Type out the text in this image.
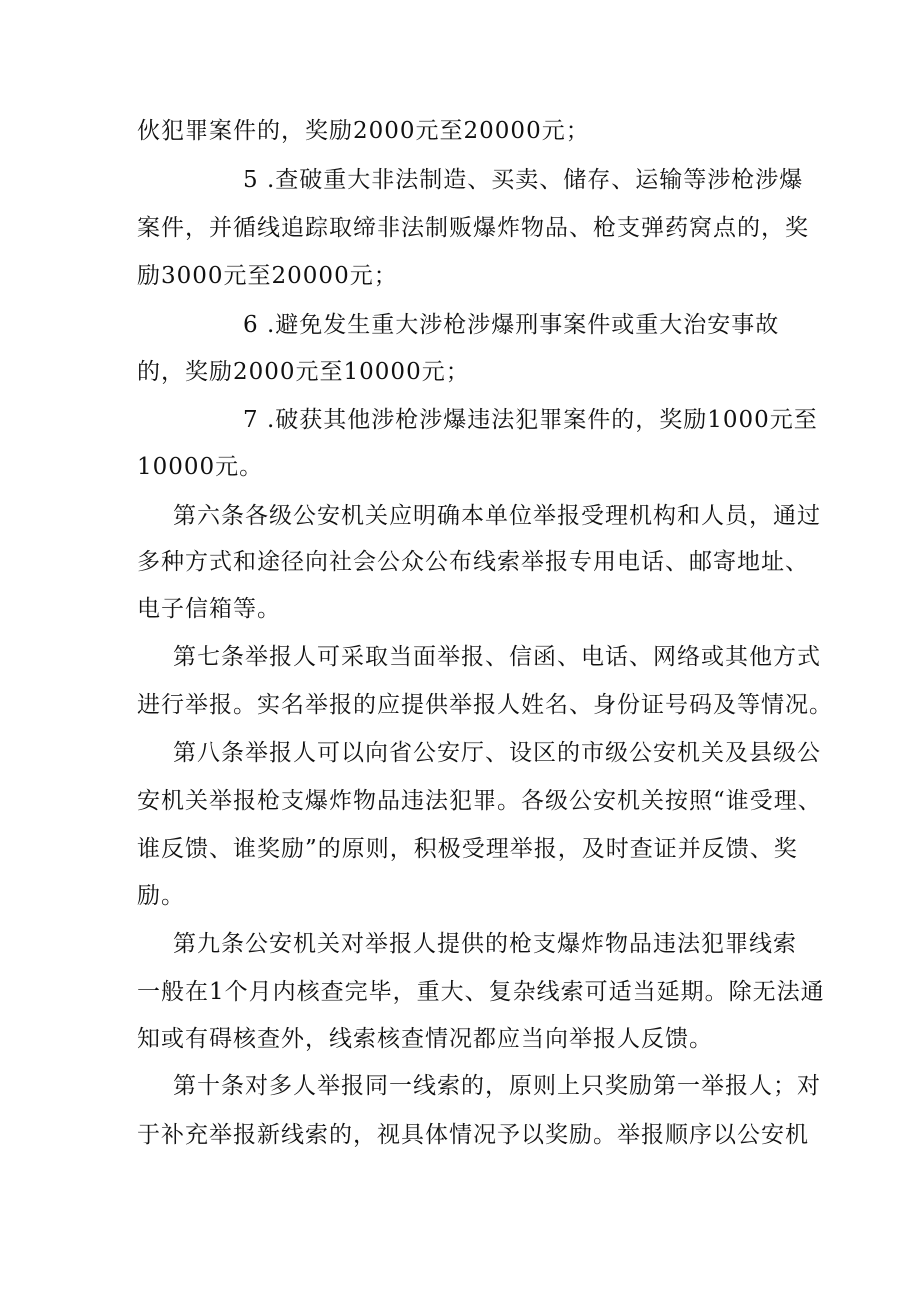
伙犯罪案件的，奖励2000元至20000元；
5 .查破重大非法制造、买卖、储存、运输等涉枪涉爆
案件，并循线追踪取缔非法制贩爆炸物品、枪支弹药窝点的，奖
励3000元至20000元；
6 .避免发生重大涉枪涉爆刑事案件或重大治安事故
的，奖励2000元至10000元；
7 .破获其他涉枪涉爆违法犯罪案件的，奖励1000元至
10000元。
第六条各级公安机关应明确本单位举报受理机构和人员，通过
多种方式和途径向社会公众公布线索举报专用电话、邮寄地址、
电子信箱等。
第七条举报人可采取当面举报、信函、电话、网络或其他方式
进行举报。实名举报的应提供举报人姓名、身份证号码及等情况。
第八条举报人可以向省公安厅、设区的市级公安机关及县级公
安机关举报枪支爆炸物品违法犯罪。各级公安机关按照“谁受理、
谁反馈、谁奖励”的原则，积极受理举报，及时查证并反馈、奖
励。
第九条公安机关对举报人提供的枪支爆炸物品违法犯罪线索
一般在1个月内核查完毕，重大、复杂线索可适当延期。除无法通
知或有碍核查外，线索核查情况都应当向举报人反馈。
第十条对多人举报同一线索的，原则上只奖励第一举报人；对
于补充举报新线索的，视具体情况予以奖励。举报顺序以公安机
